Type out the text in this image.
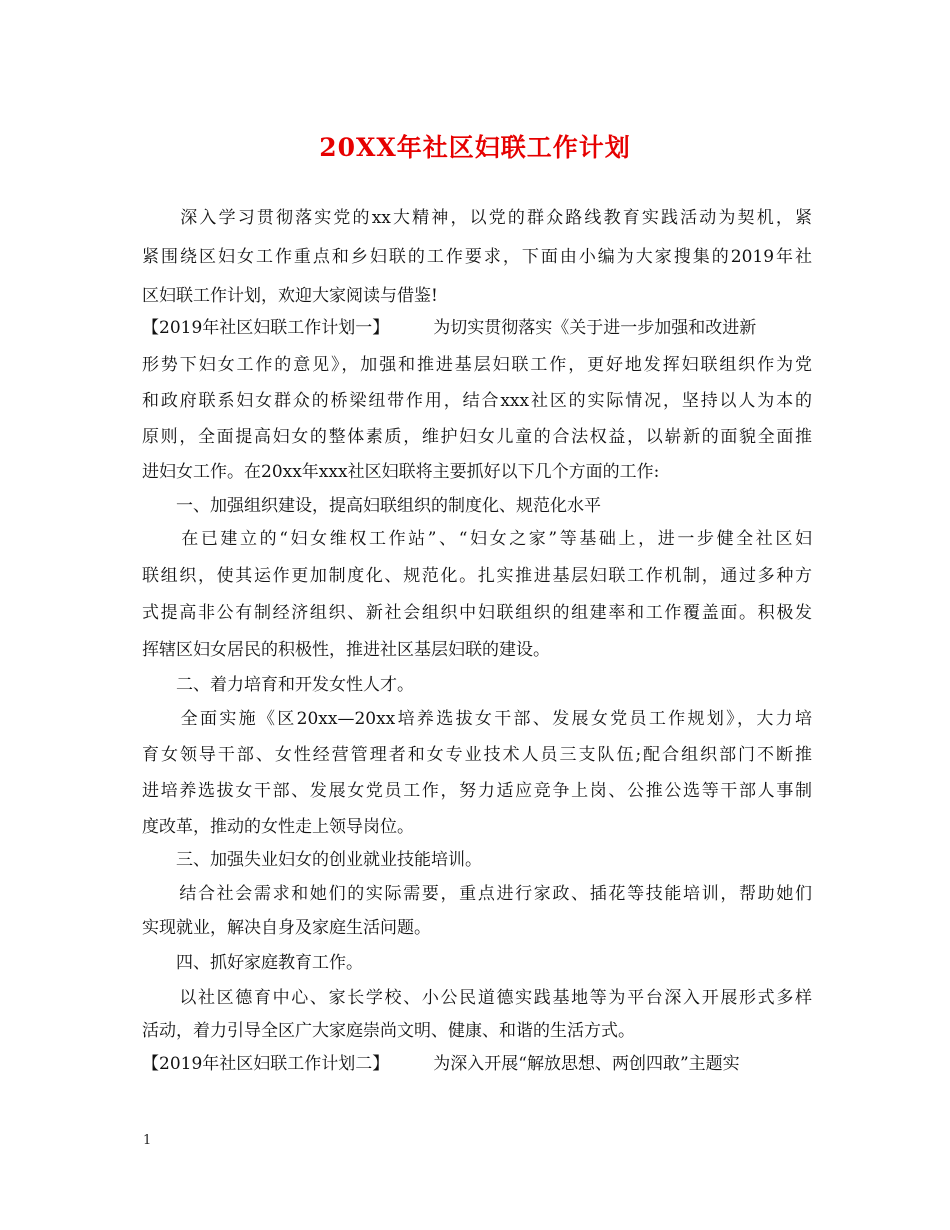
20XX年社区妇联工作计划
　　深入学习贯彻落实党的xx大精神，以党的群众路线教育实践活动为契机，紧
紧围绕区妇女工作重点和乡妇联的工作要求，下面由小编为大家搜集的2019年社
区妇联工作计划，欢迎大家阅读与借鉴!
【2019年社区妇联工作计划一】	为切实贯彻落实《关于进一步加强和改进新
形势下妇女工作的意见》，加强和推进基层妇联工作，更好地发挥妇联组织作为党
和政府联系妇女群众的桥梁纽带作用，结合xxx社区的实际情况，坚持以人为本的
原则，全面提高妇女的整体素质，维护妇女儿童的合法权益，以崭新的面貌全面推
进妇女工作。在20xx年xxx社区妇联将主要抓好以下几个方面的工作:
　　一、加强组织建设，提高妇联组织的制度化、规范化水平
　　在已建立的“妇女维权工作站”、“妇女之家”等基础上，进一步健全社区妇
联组织，使其运作更加制度化、规范化。扎实推进基层妇联工作机制，通过多种方
式提高非公有制经济组织、新社会组织中妇联组织的组建率和工作覆盖面。积极发
挥辖区妇女居民的积极性，推进社区基层妇联的建设。
　　二、着力培育和开发女性人才。
　　全面实施《区20xx—20xx培养选拔女干部、发展女党员工作规划》，大力培
育女领导干部、女性经营管理者和女专业技术人员三支队伍;配合组织部门不断推
进培养选拔女干部、发展女党员工作，努力适应竞争上岗、公推公选等干部人事制
度改革，推动的女性走上领导岗位。
　　三、加强失业妇女的创业就业技能培训。
　　结合社会需求和她们的实际需要，重点进行家政、插花等技能培训，帮助她们
实现就业，解决自身及家庭生活问题。
　　四、抓好家庭教育工作。
　　以社区德育中心、家长学校、小公民道德实践基地等为平台深入开展形式多样
活动，着力引导全区广大家庭崇尚文明、健康、和谐的生活方式。
【2019年社区妇联工作计划二】	为深入开展“解放思想、两创四敢”主题实
1
